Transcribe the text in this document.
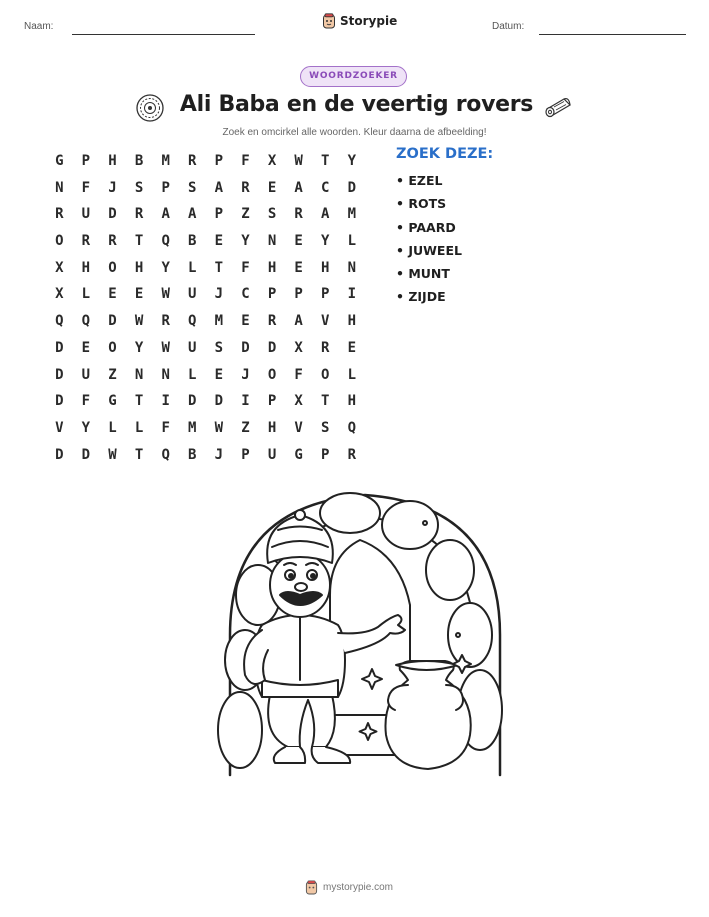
Naam:	Storypie	Datum:
WOORDZOEKER
Ali Baba en de veertig rovers
Zoek en omcirkel alle woorden. Kleur daarna de afbeelding!
G	P	H	B	M	R	P	F	X	W	T	Y
N	F	J	S	P	S	A	R	E	A	C	D
R	U	D	R	A	A	P	Z	S	R	A	M
O	R	R	T	Q	B	E	Y	N	E	Y	L
X	H	O	H	Y	L	T	F	H	E	H	N
X	L	E	E	W	U	J	C	P	P	P	I
Q	Q	D	W	R	Q	M	E	R	A	V	H
D	E	O	Y	W	U	S	D	D	X	R	E
D	U	Z	N	N	L	E	J	O	F	O	L
D	F	G	T	I	D	D	I	P	X	T	H
V	Y	L	L	F	M	W	Z	H	V	S	Q
D	D	W	T	Q	B	J	P	U	G	P	R
ZOEK DEZE:
• EZEL
• ROTS
• PAARD
• JUWEEL
• MUNT
• ZIJDE
mystorypie.com
